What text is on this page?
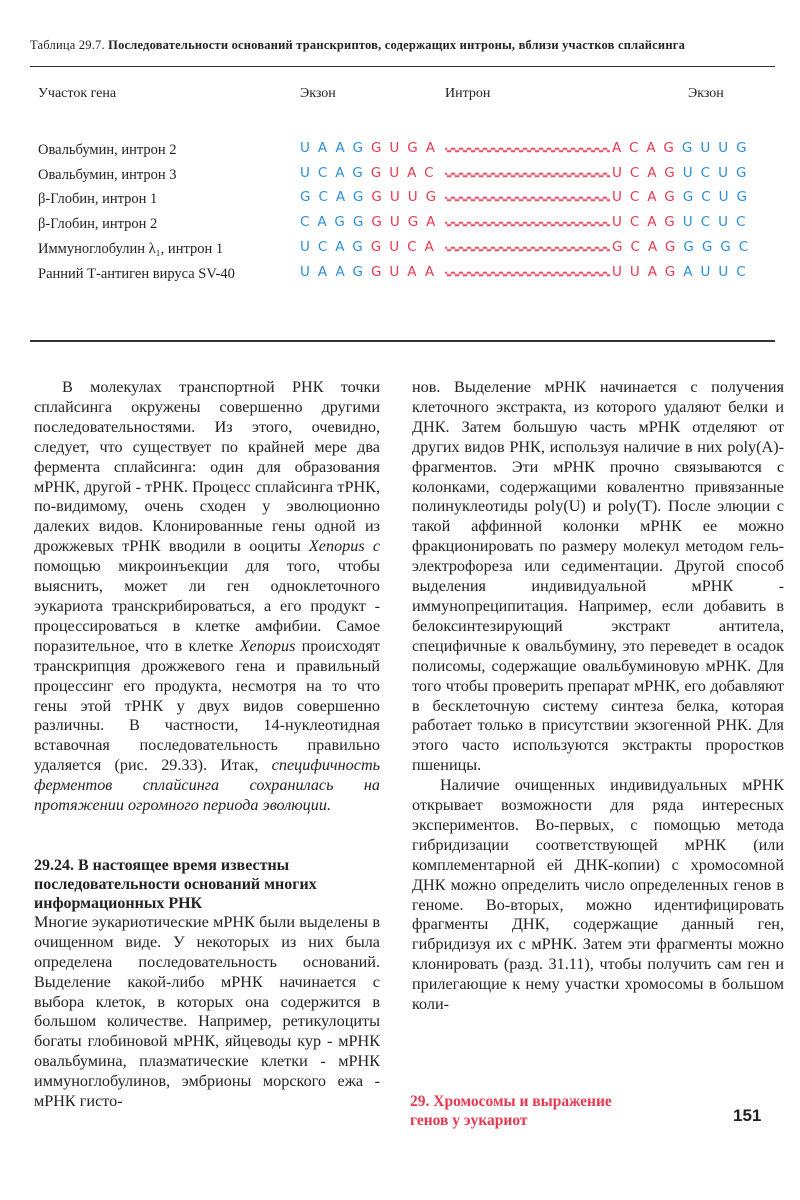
Таблица 29.7. Последовательности оснований транскриптов, содержащих интроны, вблизи участков сплайсинга
Участок гена	Экзон	Интрон	Экзон
Овальбумин, интрон 2	UAAGGUGA	ACAGGUUG
Овальбумин, интрон 3	UCAGGUAC	UCAGUCUG
β-Глобин, интрон 1	GCAGGUUG	UCAGGCUG
β-Глобин, интрон 2	CAGGGUGA	UCAGUCUC
Иммуноглобулин λ₁, интрон 1	UCAGGUCA	GCAGGGGC
Ранний Т-антиген вируса SV-40	UAAGGUAA	UUAGAUUC

В молекулах транспортной РНК точки сплайсинга окружены совершенно другими последовательностями. Из этого, очевидно, следует, что существует по крайней мере два фермента сплайсинга: один для образования мРНК, другой - тРНК. Процесс сплайсинга тРНК, по-видимому, очень сходен у эволюционно далеких видов. Клонированные гены одной из дрожжевых тРНК вводили в ооциты Xenopus с помощью микроинъекции для того, чтобы выяснить, может ли ген одноклеточного эукариота транскрибироваться, а его продукт - процессироваться в клетке амфибии. Самое поразительное, что в клетке Xenopus происходят транскрипция дрожжевого гена и правильный процессинг его продукта, несмотря на то что гены этой тРНК у двух видов совершенно различны. В частности, 14-нуклеотидная вставочная последовательность правильно удаляется (рис. 29.33). Итак, специфичность ферментов сплайсинга сохранилась на протяжении огромного периода эволюции.

29.24. В настоящее время известны последовательности оснований многих информационных РНК

Многие эукариотические мРНК были выделены в очищенном виде. У некоторых из них была определена последовательность оснований. Выделение какой-либо мРНК начинается с выбора клеток, в которых она содержится в большом количестве. Например, ретикулоциты богаты глобиновой мРНК, яйцеводы кур - мРНК овальбумина, плазматические клетки - мРНК иммуноглобулинов, эмбрионы морского ежа - мРНК гисто-

нов. Выделение мРНК начинается с получения клеточного экстракта, из которого удаляют белки и ДНК. Затем большую часть мРНК отделяют от других видов РНК, используя наличие в них poly(A)-фрагментов. Эти мРНК прочно связываются с колонками, содержащими ковалентно привязанные полинуклеотиды poly(U) и poly(T). После элюции с такой аффинной колонки мРНК ее можно фракционировать по размеру молекул методом гель-электрофореза или седиментации. Другой способ выделения индивидуальной мРНК - иммунопреципитация. Например, если добавить в белоксинтезирующий экстракт антитела, специфичные к овальбумину, это переведет в осадок полисомы, содержащие овальбуминовую мРНК. Для того чтобы проверить препарат мРНК, его добавляют в бесклеточную систему синтеза белка, которая работает только в присутствии экзогенной РНК. Для этого часто используются экстракты проростков пшеницы.

Наличие очищенных индивидуальных мРНК открывает возможности для ряда интересных экспериментов. Во-первых, с помощью метода гибридизации соответствующей мРНК (или комплементарной ей ДНК-копии) с хромосомной ДНК можно определить число определенных генов в геноме. Во-вторых, можно идентифицировать фрагменты ДНК, содержащие данный ген, гибридизуя их с мРНК. Затем эти фрагменты можно клонировать (разд. 31.11), чтобы получить сам ген и прилегающие к нему участки хромосомы в большом коли-

29. Хромосомы и выражение
генов у эукариот	151
